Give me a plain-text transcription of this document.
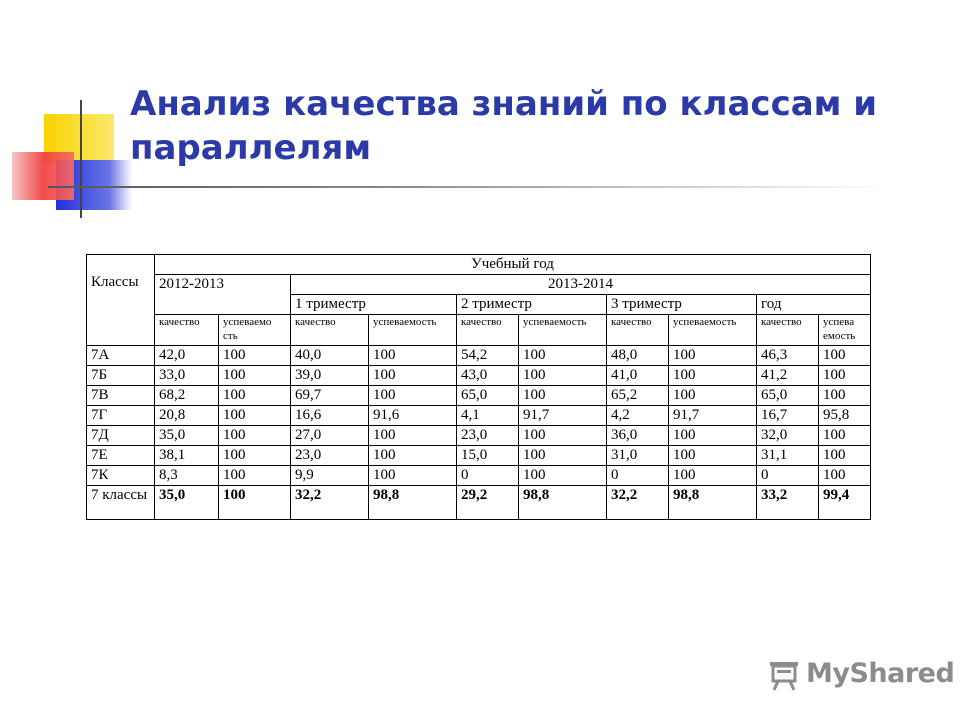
Анализ качества знаний по классам и параллелям
Классы	Учебный год									
	2012-2013		2013-2014							
			1 триместр		2 триместр		3 триместр		год	
	качество	успеваемо сть	качество	успеваемость	качество	успеваемость	качество	успеваемость	качество	успева емость
7А	42,0	100	40,0	100	54,2	100	48,0	100	46,3	100
7Б	33,0	100	39,0	100	43,0	100	41,0	100	41,2	100
7В	68,2	100	69,7	100	65,0	100	65,2	100	65,0	100
7Г	20,8	100	16,6	91,6	4,1	91,7	4,2	91,7	16,7	95,8
7Д	35,0	100	27,0	100	23,0	100	36,0	100	32,0	100
7Е	38,1	100	23,0	100	15,0	100	31,0	100	31,1	100
7К	8,3	100	9,9	100	0	100	0	100	0	100
7 классы	35,0	100	32,2	98,8	29,2	98,8	32,2	98,8	33,2	99,4
MyShared
